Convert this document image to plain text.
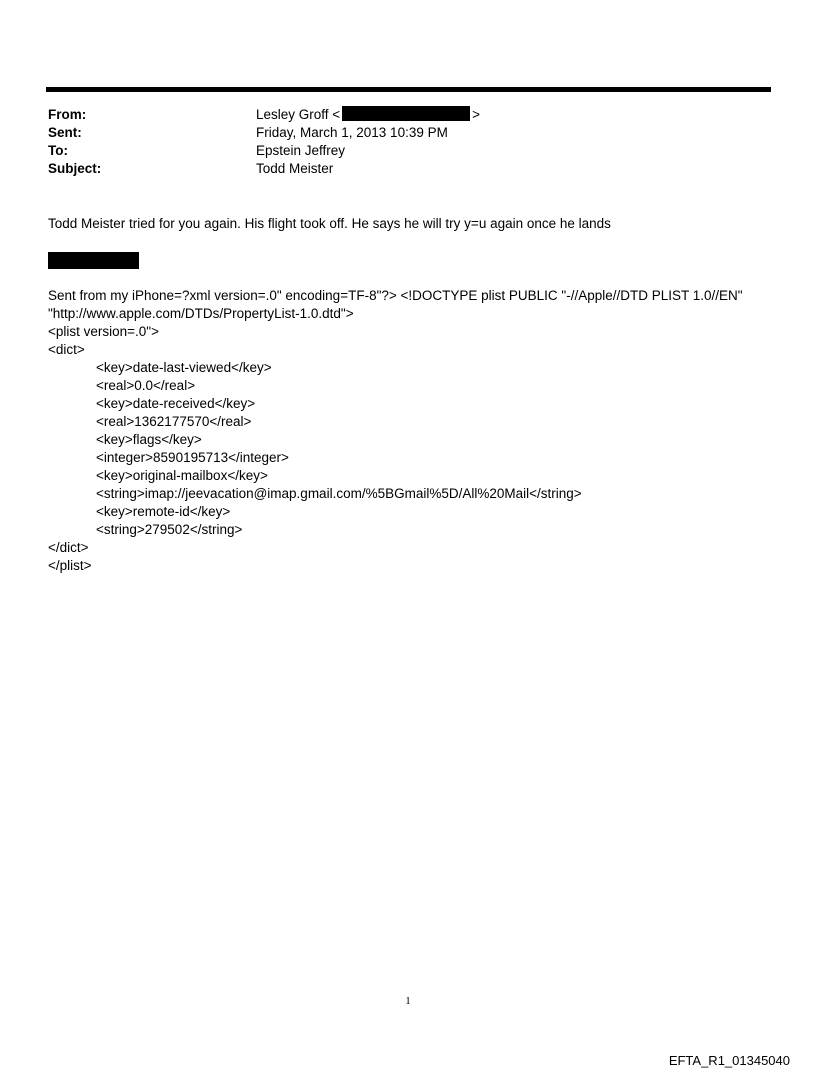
From:	Lesley Groff <	>
Sent:	Friday, March 1, 2013 10:39 PM
To:	Epstein Jeffrey
Subject:	Todd Meister
Todd Meister tried for you again. His flight took off. He says he will try y=u again once he lands
Sent from my iPhone=?xml version=.0" encoding=TF-8"?> <!DOCTYPE plist PUBLIC "-//Apple//DTD PLIST 1.0//EN"
"http://www.apple.com/DTDs/PropertyList-1.0.dtd">
<plist version=.0">
<dict>
<key>date-last-viewed</key>
<real>0.0</real>
<key>date-received</key>
<real>1362177570</real>
<key>flags</key>
<integer>8590195713</integer>
<key>original-mailbox</key>
<string>imap://jeevacation@imap.gmail.com/%5BGmail%5D/All%20Mail</string>
<key>remote-id</key>
<string>279502</string>
</dict>
</plist>
1
EFTA_R1_01345040
